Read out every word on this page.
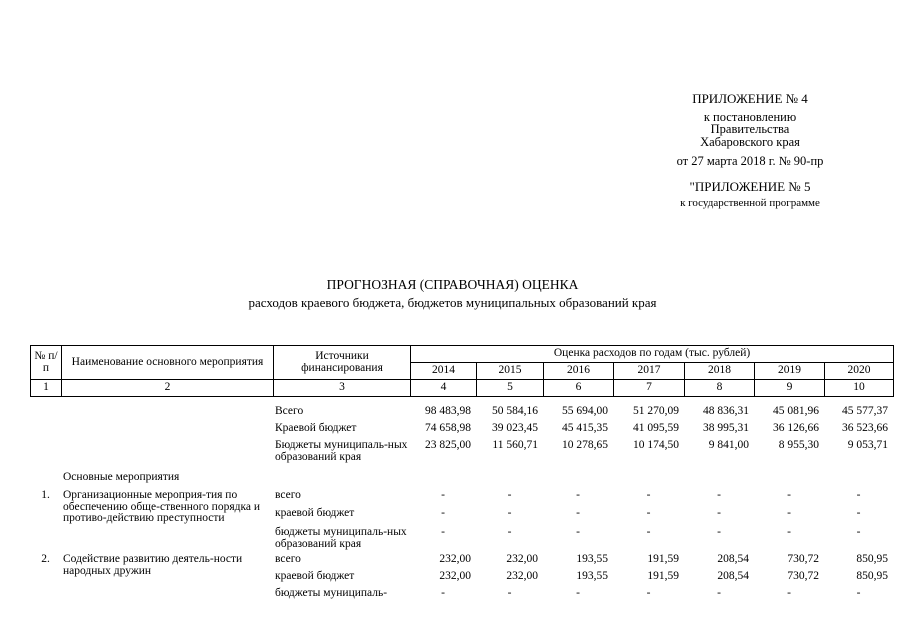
ПРИЛОЖЕНИЕ № 4
к постановлению
Правительства
Хабаровского края
от 27 марта 2018 г. № 90-пр
"ПРИЛОЖЕНИЕ № 5
к государственной программе
ПРОГНОЗНАЯ (СПРАВОЧНАЯ) ОЦЕНКА
расходов краевого бюджета, бюджетов муниципальных образований края
№ п/п	Наименование основного мероприятия	Источники финансирования	Оценка расходов по годам (тыс. рублей)						
			2014	2015	2016	2017	2018	2019	2020
1	2	3	4	5	6	7	8	9	10
		Всего	98 483,98	50 584,16	55 694,00	51 270,09	48 836,31	45 081,96	45 577,37
		Краевой бюджет	74 658,98	39 023,45	45 415,35	41 095,59	38 995,31	36 126,66	36 523,66
		Бюджеты муниципаль-ных образований края	23 825,00	11 560,71	10 278,65	10 174,50	9 841,00	8 955,30	9 053,71
	Основные мероприятия								
1.	Организационные мероприя-тия по обеспечению обще-ственного порядка и противо-действию преступности	всего	-	-	-	-	-	-	-
		краевой бюджет	-	-	-	-	-	-	-
		бюджеты муниципаль-ных образований края	-	-	-	-	-	-	-
2.	Содействие развитию деятель-ности народных дружин	всего	232,00	232,00	193,55	191,59	208,54	730,72	850,95
		краевой бюджет	232,00	232,00	193,55	191,59	208,54	730,72	850,95
		бюджеты муниципаль-	-	-	-	-	-	-	-
